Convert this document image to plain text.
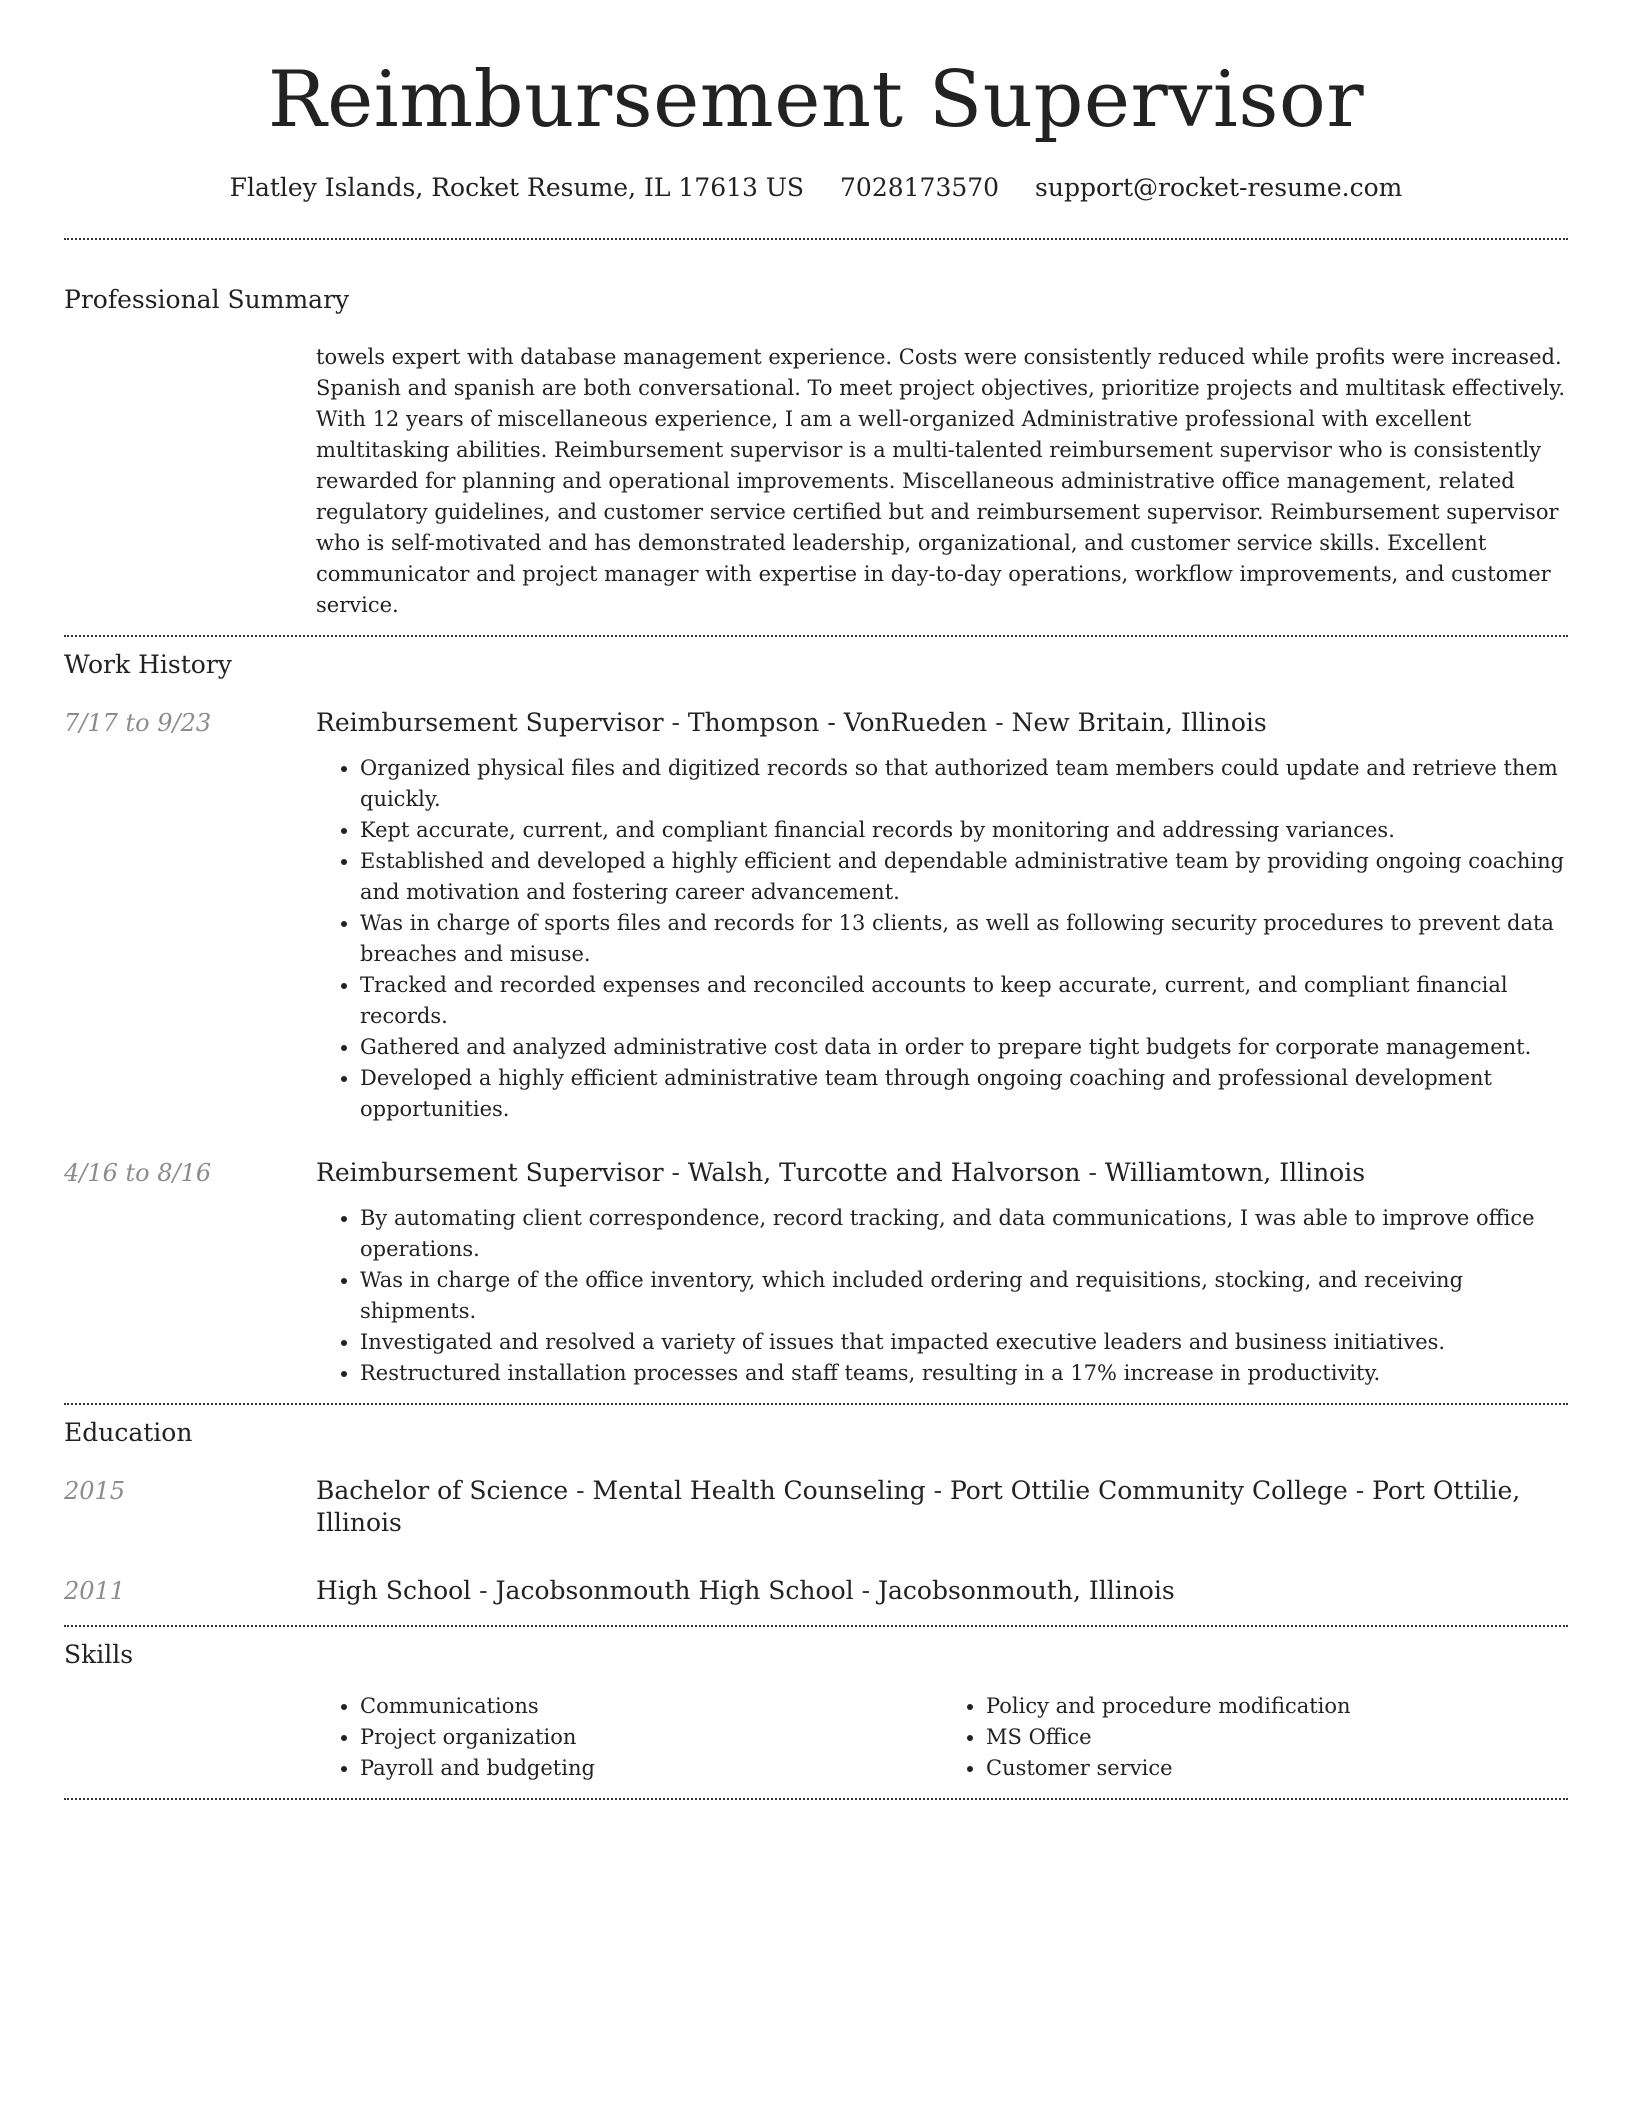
Reimbursement Supervisor
Flatley Islands, Rocket Resume, IL 17613 US 7028173570 support@rocket-resume.com
Professional Summary

towels expert with database management experience. Costs were consistently reduced while profits were increased. Spanish and spanish are both conversational. To meet project objectives, prioritize projects and multitask effectively. With 12 years of miscellaneous experience, I am a well-organized Administrative professional with excellent multitasking abilities. Reimbursement supervisor is a multi-talented reimbursement supervisor who is consistently rewarded for planning and operational improvements. Miscellaneous administrative office management, related regulatory guidelines, and customer service certified but and reimbursement supervisor. Reimbursement supervisor who is self-motivated and has demonstrated leadership, organizational, and customer service skills. Excellent communicator and project manager with expertise in day-to-day operations, workflow improvements, and customer service.

Work History
7/17 to 9/23	Reimbursement Supervisor - Thompson - VonRueden - New Britain, Illinois
• Organized physical files and digitized records so that authorized team members could update and retrieve them quickly.
• Kept accurate, current, and compliant financial records by monitoring and addressing variances.
• Established and developed a highly efficient and dependable administrative team by providing ongoing coaching and motivation and fostering career advancement.
• Was in charge of sports files and records for 13 clients, as well as following security procedures to prevent data breaches and misuse.
• Tracked and recorded expenses and reconciled accounts to keep accurate, current, and compliant financial records.
• Gathered and analyzed administrative cost data in order to prepare tight budgets for corporate management.
• Developed a highly efficient administrative team through ongoing coaching and professional development opportunities.
4/16 to 8/16	Reimbursement Supervisor - Walsh, Turcotte and Halvorson - Williamtown, Illinois
• By automating client correspondence, record tracking, and data communications, I was able to improve office operations.
• Was in charge of the office inventory, which included ordering and requisitions, stocking, and receiving shipments.
• Investigated and resolved a variety of issues that impacted executive leaders and business initiatives.
• Restructured installation processes and staff teams, resulting in a 17% increase in productivity.
Education
2015	Bachelor of Science - Mental Health Counseling - Port Ottilie Community College - Port Ottilie, Illinois
2011	High School - Jacobsonmouth High School - Jacobsonmouth, Illinois
Skills
• Communications
• Project organization
• Payroll and budgeting
• Policy and procedure modification
• MS Office
• Customer service
